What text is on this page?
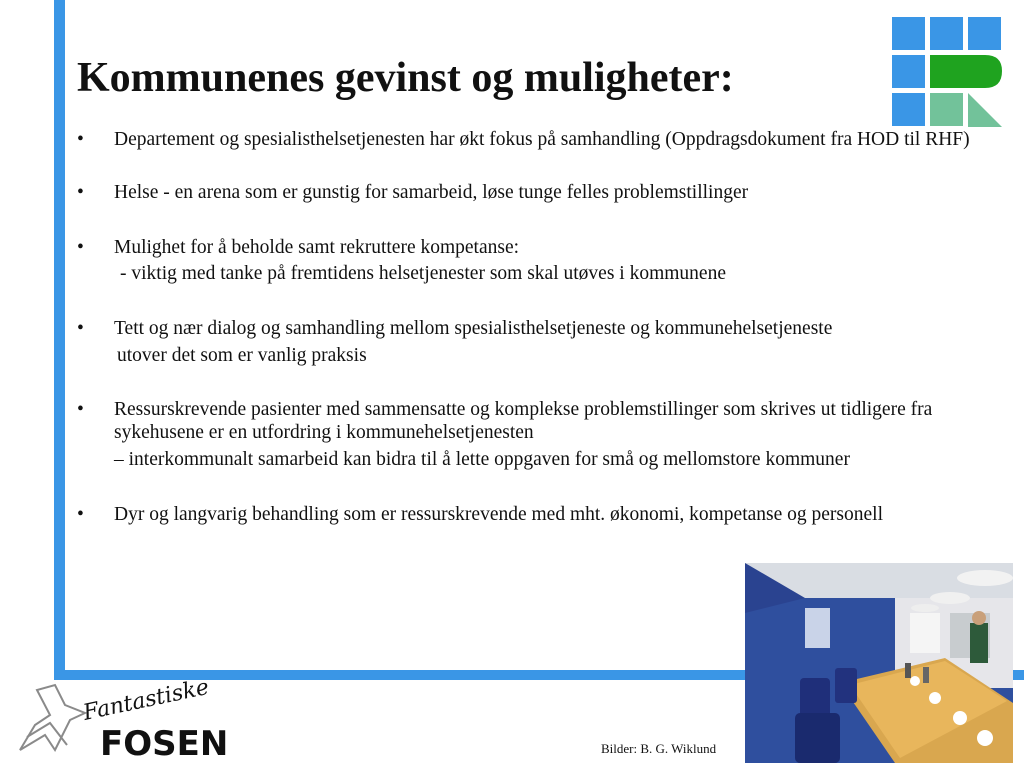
Kommunenes gevinst og muligheter:

• Departement og spesialisthelsetjenesten har økt fokus på samhandling (Oppdragsdokument fra HOD til RHF)

• Helse - en arena som er gunstig for samarbeid, løse tunge felles problemstillinger

• Mulighet for å beholde samt rekruttere kompetanse:

- viktig med tanke på fremtidens helsetjenester som skal utøves i kommunene

• Tett og nær dialog og samhandling mellom spesialisthelsetjeneste og kommunehelsetjeneste

utover det som er vanlig praksis

• Ressurskrevende pasienter med sammensatte og komplekse problemstillinger som skrives ut tidligere fra sykehusene er en utfordring i kommunehelsetjenesten

– interkommunalt samarbeid kan bidra til å lette oppgaven for små og mellomstore kommuner

• Dyr og langvarig behandling som er ressurskrevende med mht. økonomi, kompetanse og personell

Bilder: B. G. Wiklund
Fantastiske
FOSEN
